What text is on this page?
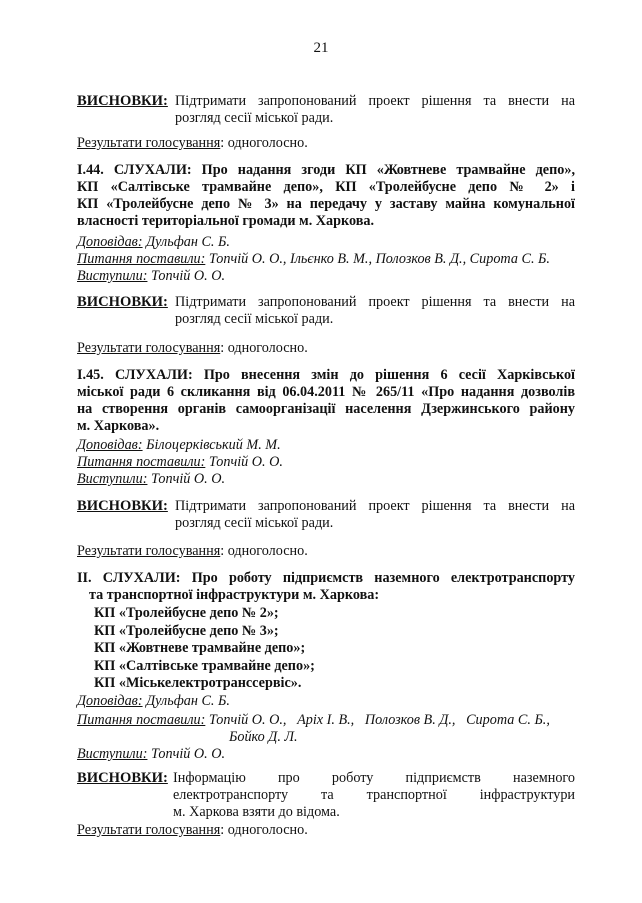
21
ВИСНОВКИ: Підтримати запропонований проект рішення та внести на
розгляд сесії міської ради.
Результати голосування: одноголосно.
І.44. СЛУХАЛИ: Про надання згоди КП «Жовтневе трамвайне депо»,
КП «Салтівське трамвайне депо», КП «Тролейбусне депо № 2» і
КП «Тролейбусне депо № 3» на передачу у заставу майна комунальної
власності територіальної громади м. Харкова.
Доповідав: Дульфан С. Б.
Питання поставили: Топчій О. О., Ільєнко В. М., Полозков В. Д., Сирота С. Б.
Виступили: Топчій О. О.
ВИСНОВКИ: Підтримати запропонований проект рішення та внести на
розгляд сесії міської ради.
Результати голосування: одноголосно.
І.45. СЛУХАЛИ: Про внесення змін до рішення 6 сесії Харківської
міської ради 6 скликання від 06.04.2011 № 265/11 «Про надання дозволів
на створення органів самоорганізації населення Дзержинського району
м. Харкова».
Доповідав: Білоцерківський М. М.
Питання поставили: Топчій О. О.
Виступили: Топчій О. О.
ВИСНОВКИ: Підтримати запропонований проект рішення та внести на
розгляд сесії міської ради.
Результати голосування: одноголосно.
ІІ. СЛУХАЛИ: Про роботу підприємств наземного електротранспорту
та транспортної інфраструктури м. Харкова:
КП «Тролейбусне депо № 2»;
КП «Тролейбусне депо № 3»;
КП «Жовтневе трамвайне депо»;
КП «Салтівське трамвайне депо»;
КП «Міськелектротранссервіс».
Доповідав: Дульфан С. Б.
Питання поставили: Топчій О. О.,   Аріх І. В.,   Полозков В. Д.,   Сирота С. Б.,
Бойко Д. Л.
Виступили: Топчій О. О.
ВИСНОВКИ: Інформацію про роботу підприємств наземного
електротранспорту та транспортної інфраструктури
м. Харкова взяти до відома.
Результати голосування: одноголосно.
